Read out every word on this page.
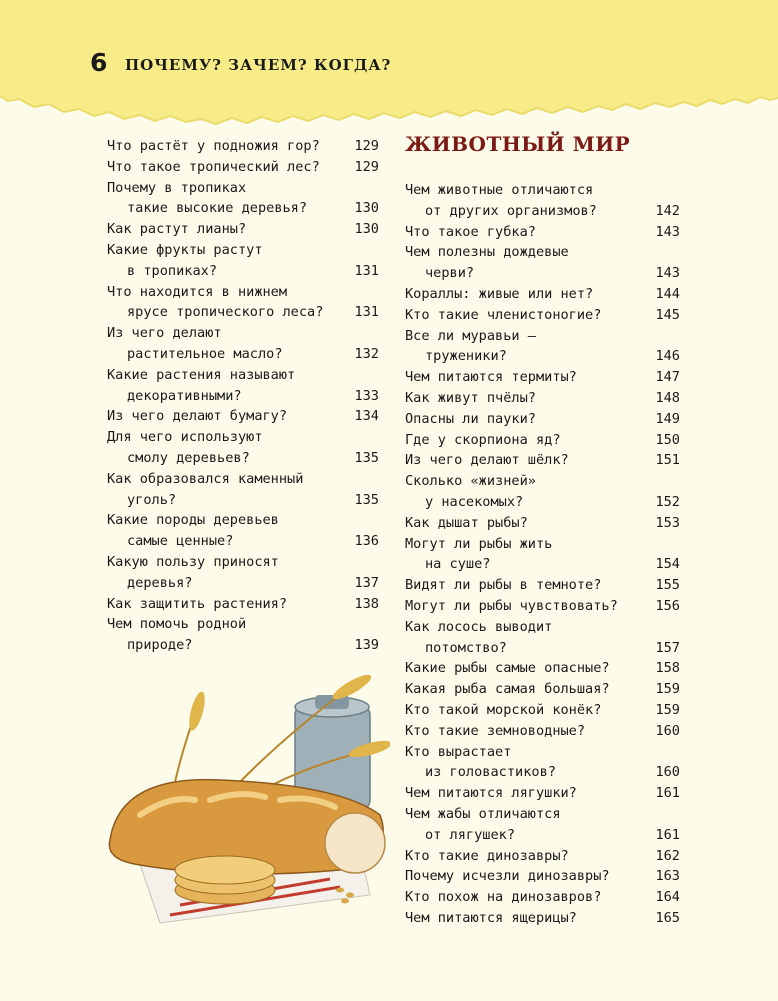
6 ПОЧЕМУ? ЗАЧЕМ? КОГДА?
Что растёт у подножия гор?	129
Что такое тропический лес?	129
Почему в тропиках
такие высокие деревья?	130
Как растут лианы?	130
Какие фрукты растут
в тропиках?	131
Что находится в нижнем
ярусе тропического леса?	131
Из чего делают
растительное масло?	132
Какие растения называют
декоративными?	133
Из чего делают бумагу?	134
Для чего используют
смолу деревьев?	135
Как образовался каменный
уголь?	135
Какие породы деревьев
самые ценные?	136
Какую пользу приносят
деревья?	137
Как защитить растения?	138
Чем помочь родной
природе?	139
ЖИВОТНЫЙ МИР
Чем животные отличаются
от других организмов?	142
Что такое губка?	143
Чем полезны дождевые
черви?	143
Кораллы: живые или нет?	144
Кто такие членистоногие?	145
Все ли муравьи —
труженики?	146
Чем питаются термиты?	147
Как живут пчёлы?	148
Опасны ли пауки?	149
Где у скорпиона яд?	150
Из чего делают шёлк?	151
Сколько «жизней»
у насекомых?	152
Как дышат рыбы?	153
Могут ли рыбы жить
на суше?	154
Видят ли рыбы в темноте?	155
Могут ли рыбы чувствовать?	156
Как лосось выводит
потомство?	157
Какие рыбы самые опасные?	158
Какая рыба самая большая?	159
Кто такой морской конёк?	159
Кто такие земноводные?	160
Кто вырастает
из головастиков?	160
Чем питаются лягушки?	161
Чем жабы отличаются
от лягушек?	161
Кто такие динозавры?	162
Почему исчезли динозавры?	163
Кто похож на динозавров?	164
Чем питаются ящерицы?	165
